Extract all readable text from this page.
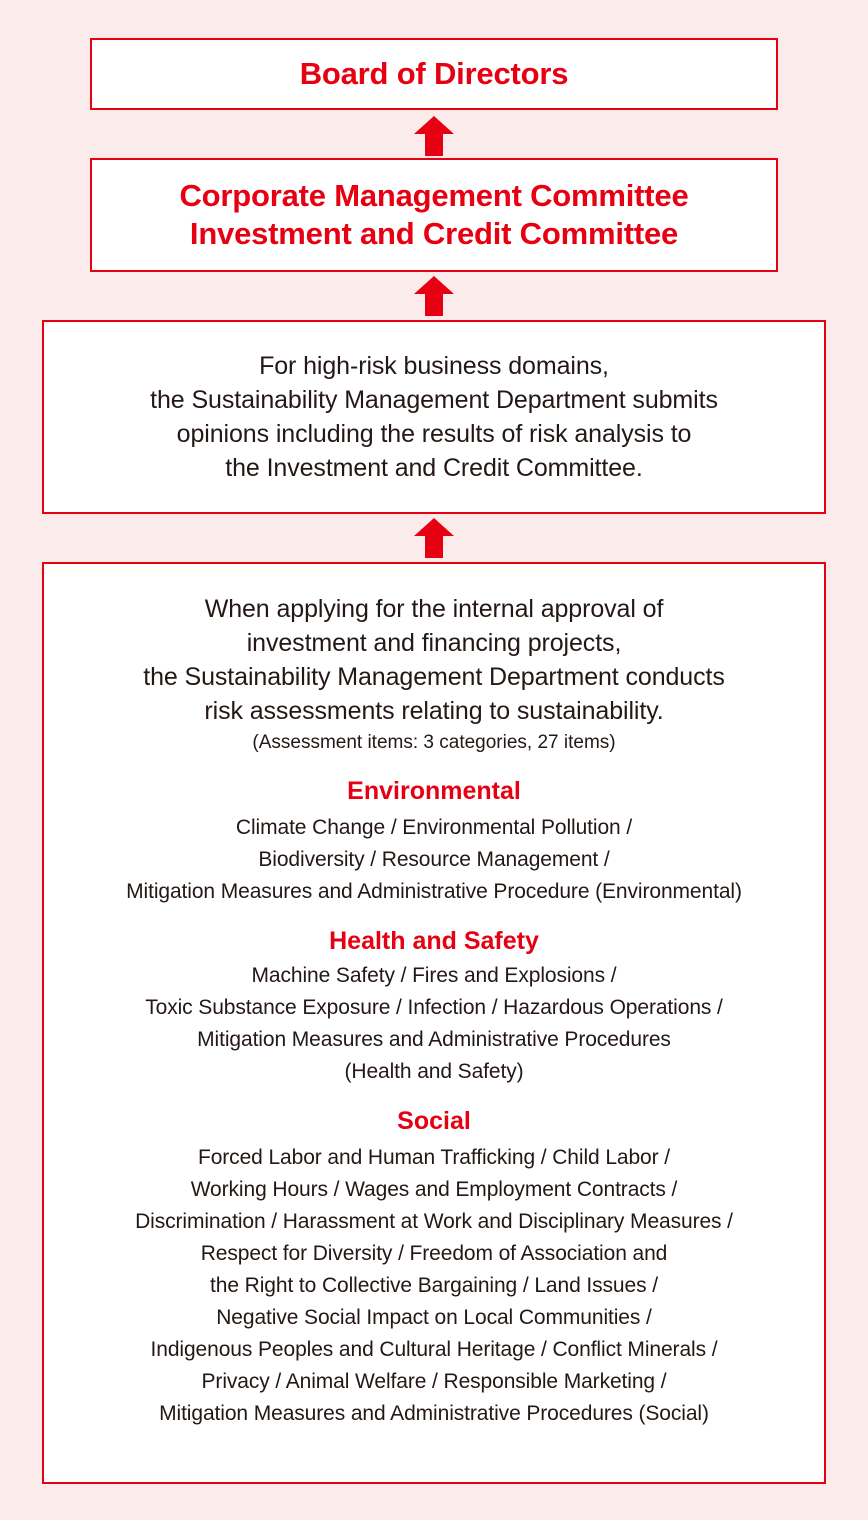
Board of Directors
Corporate Management Committee
Investment and Credit Committee
For high-risk business domains,
the Sustainability Management Department submits
opinions including the results of risk analysis to
the Investment and Credit Committee.
When applying for the internal approval of
investment and financing projects,
the Sustainability Management Department conducts
risk assessments relating to sustainability.
(Assessment items: 3 categories, 27 items)
Environmental
Climate Change / Environmental Pollution /
Biodiversity / Resource Management /
Mitigation Measures and Administrative Procedure (Environmental)
Health and Safety
Machine Safety / Fires and Explosions /
Toxic Substance Exposure / Infection / Hazardous Operations /
Mitigation Measures and Administrative Procedures
(Health and Safety)
Social
Forced Labor and Human Trafficking / Child Labor /
Working Hours / Wages and Employment Contracts /
Discrimination / Harassment at Work and Disciplinary Measures /
Respect for Diversity / Freedom of Association and
the Right to Collective Bargaining / Land Issues /
Negative Social Impact on Local Communities /
Indigenous Peoples and Cultural Heritage / Conflict Minerals /
Privacy / Animal Welfare / Responsible Marketing /
Mitigation Measures and Administrative Procedures (Social)
